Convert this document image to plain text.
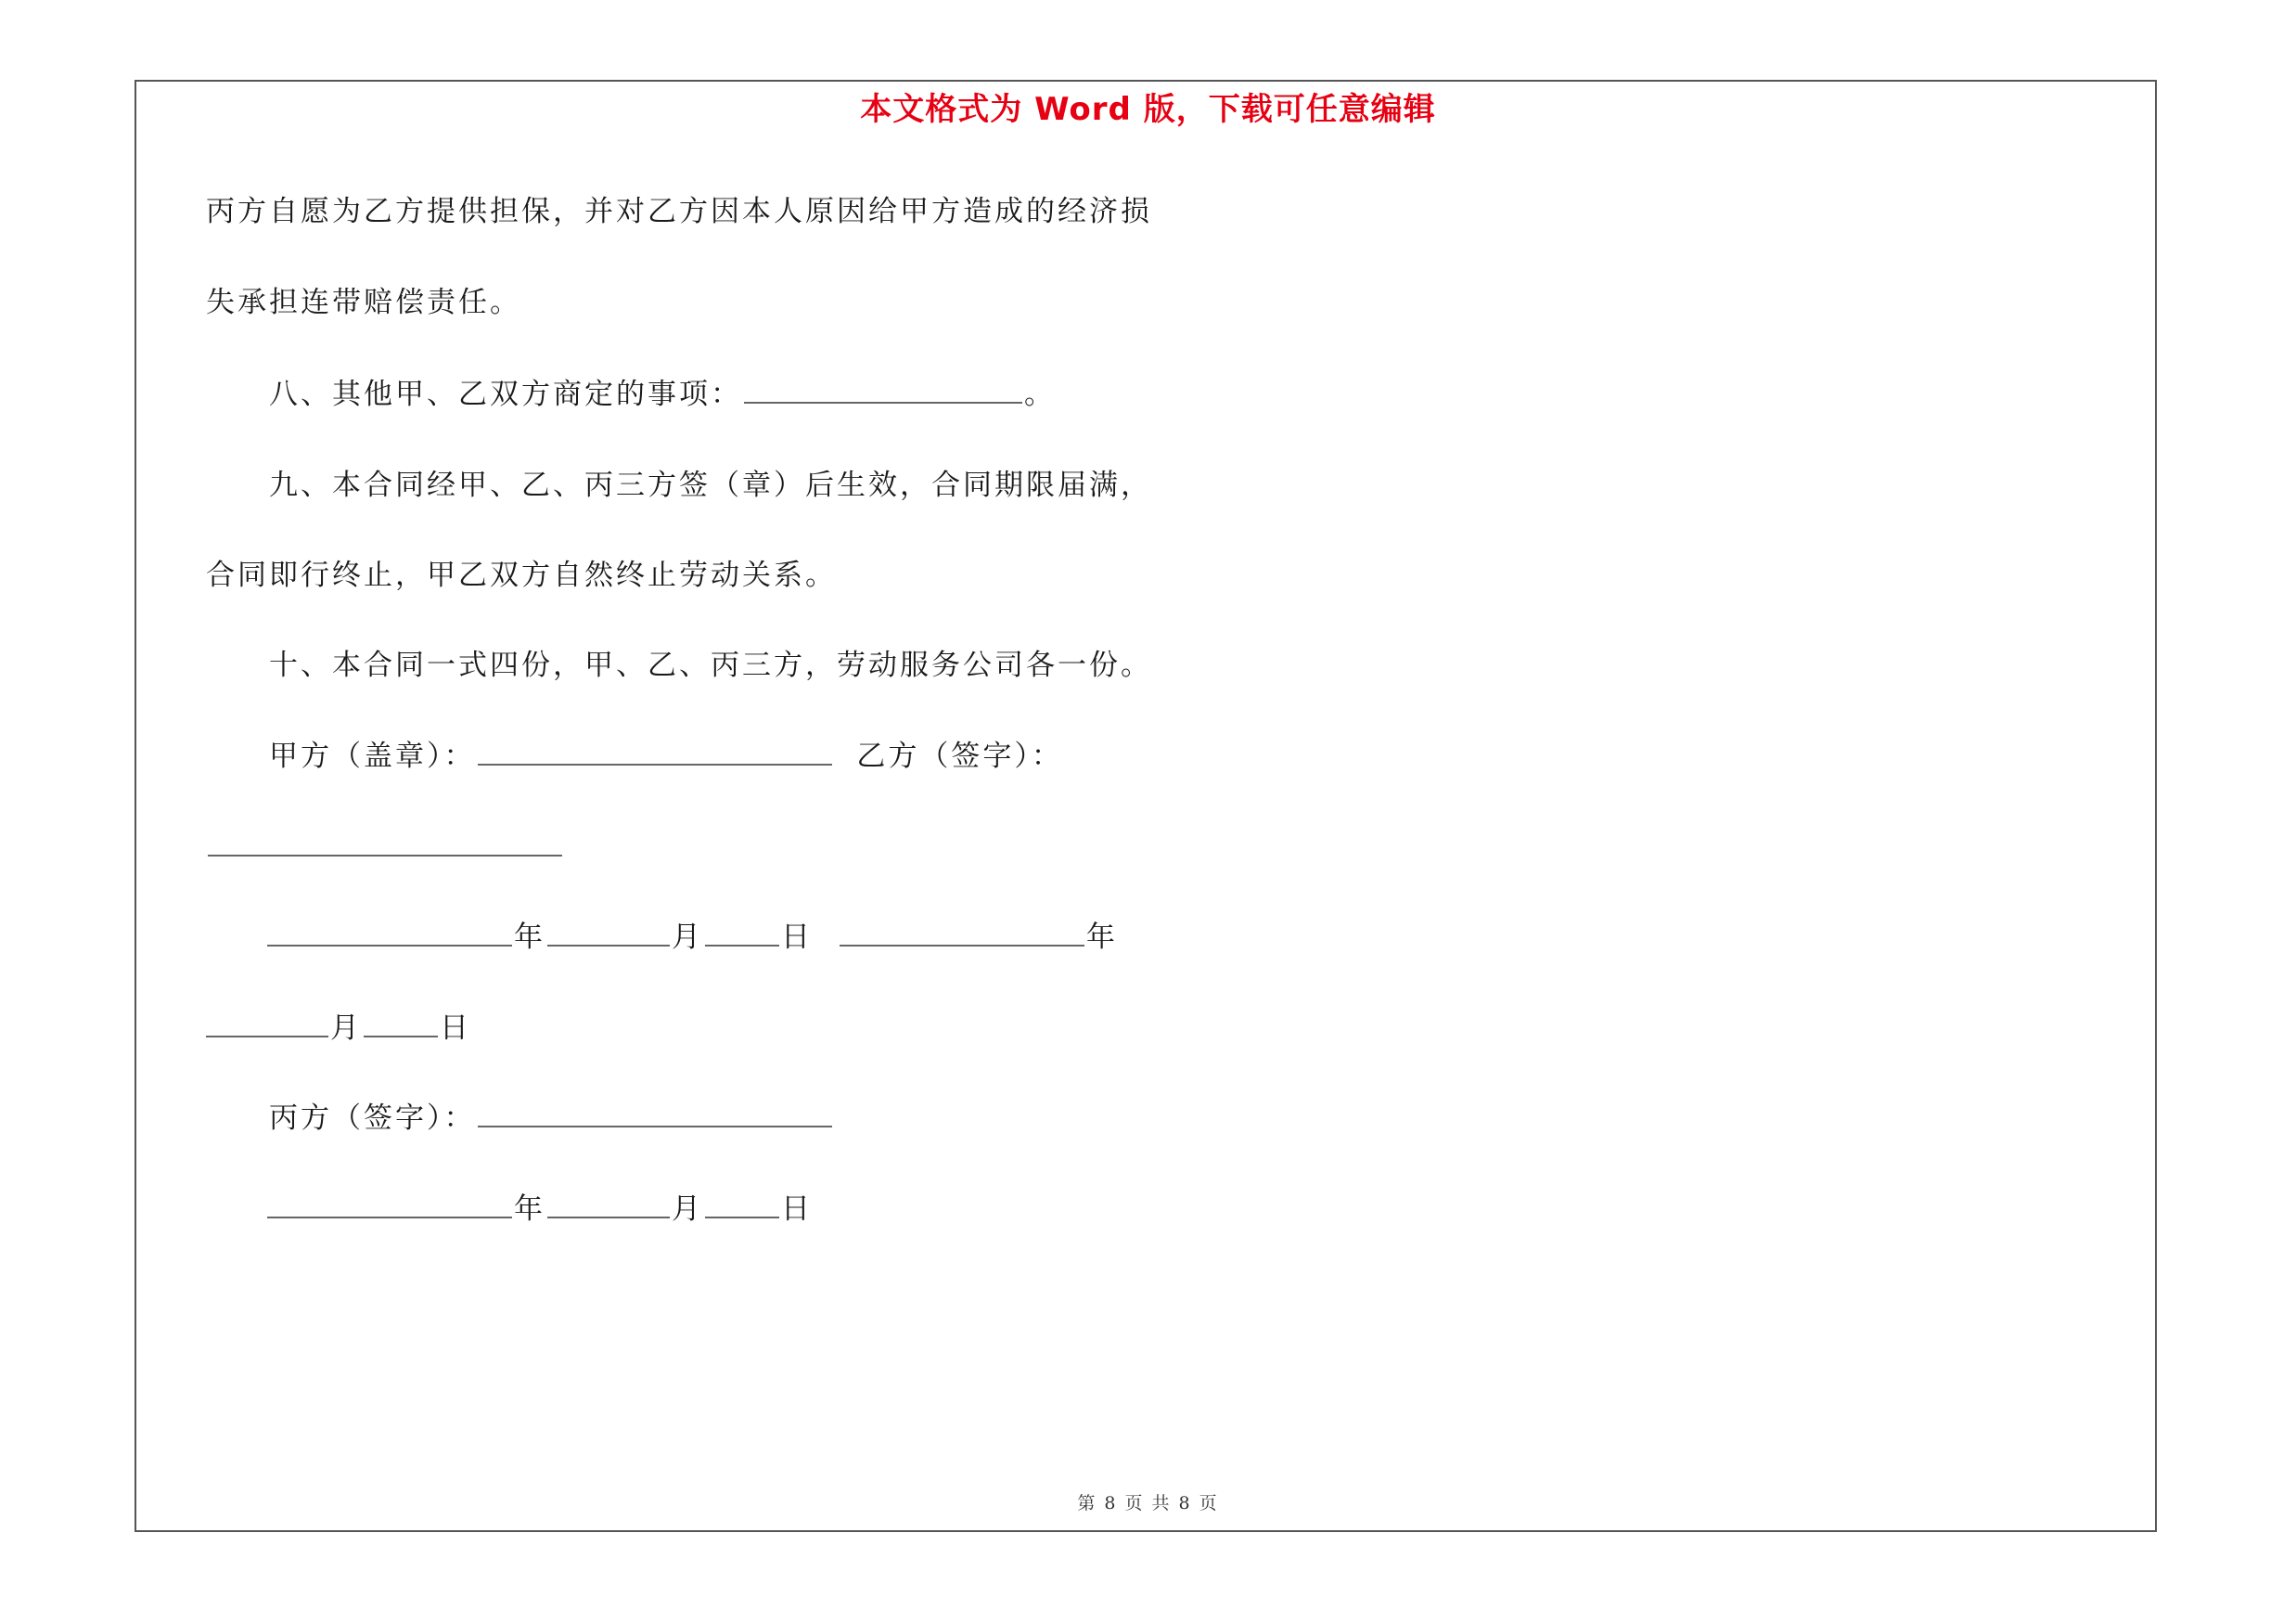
本文格式为 Word 版，下载可任意编辑
丙方自愿为乙方提供担保，并对乙方因本人原因给甲方造成的经济损
失承担连带赔偿责任。
八、其他甲、乙双方商定的事项：	。
九、本合同经甲、乙、丙三方签（章）后生效，合同期限届满，
合同即行终止，甲乙双方自然终止劳动关系。
十、本合同一式四份，甲、乙、丙三方，劳动服务公司各一份。
甲方（盖章）：	乙方（签字）：
年	月	日	年
月	日
丙方（签字）：
年	月	日
第 8 页 共 8 页
